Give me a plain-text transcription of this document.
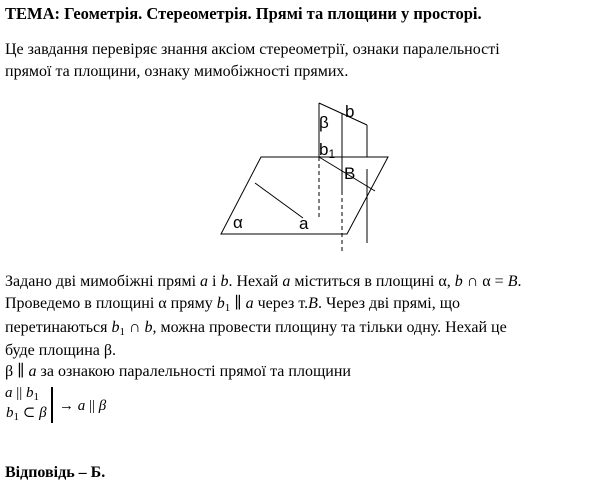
ТЕМА: Геометрія. Стереометрія. Прямі та площини у просторі.
Це завдання перевіряє знання аксіом стереометрії, ознаки паралельності
прямої та площини, ознаку мимобіжності прямих.
b
β
b1
B
α	a
Задано дві мимобіжні прямі a і b. Нехай a міститься в площині α, b ∩ α = B.
Проведемо в площині α пряму $b_1$ ∥ a через т.B. Через дві прямі, що
перетинаються $b_1$ ∩ b, можна провести площину та тільки одну. Нехай це
буде площина β.
β ∥ a за ознакою паралельності прямої та площини
a || $b_1$
$b_1$ ⊂ β → a || β
Відповідь – Б.
